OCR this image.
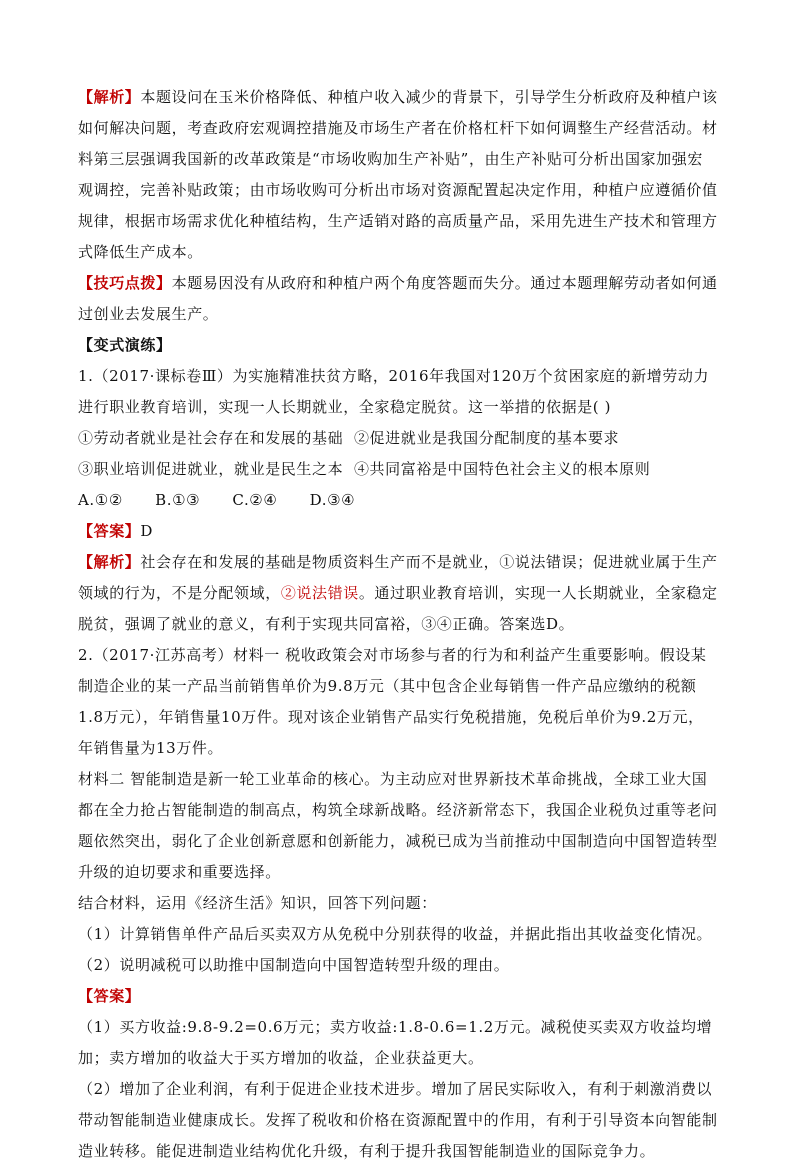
【解析】本题设问在玉米价格降低、种植户收入减少的背景下，引导学生分析政府及种植户该如何解决问题，考查政府宏观调控措施及市场生产者在价格杠杆下如何调整生产经营活动。材料第三层强调我国新的改革政策是“市场收购加生产补贴”，由生产补贴可分析出国家加强宏观调控，完善补贴政策；由市场收购可分析出市场对资源配置起决定作用，种植户应遵循价值规律，根据市场需求优化种植结构，生产适销对路的高质量产品，采用先进生产技术和管理方式降低生产成本。

【技巧点拨】本题易因没有从政府和种植户两个角度答题而失分。通过本题理解劳动者如何通过创业去发展生产。

【变式演练】

1.（2017·课标卷Ⅲ）为实施精准扶贫方略，2016年我国对120万个贫困家庭的新增劳动力进行职业教育培训，实现一人长期就业，全家稳定脱贫。这一举措的依据是( )

①劳动者就业是社会存在和发展的基础 ②促进就业是我国分配制度的基本要求

③职业培训促进就业，就业是民生之本 ④共同富裕是中国特色社会主义的根本原则

A.①②      B.①③      C.②④      D.③④

【答案】D

【解析】社会存在和发展的基础是物质资料生产而不是就业，①说法错误；促进就业属于生产领域的行为，不是分配领域，②说法错误。通过职业教育培训，实现一人长期就业，全家稳定脱贫，强调了就业的意义，有利于实现共同富裕，③④正确。答案选D。

2.（2017·江苏高考）材料一 税收政策会对市场参与者的行为和利益产生重要影响。假设某制造企业的某一产品当前销售单价为9.8万元（其中包含企业每销售一件产品应缴纳的税额1.8万元），年销售量10万件。现对该企业销售产品实行免税措施，免税后单价为9.2万元，年销售量为13万件。

材料二 智能制造是新一轮工业革命的核心。为主动应对世界新技术革命挑战，全球工业大国都在全力抢占智能制造的制高点，构筑全球新战略。经济新常态下，我国企业税负过重等老问题依然突出，弱化了企业创新意愿和创新能力，减税已成为当前推动中国制造向中国智造转型升级的迫切要求和重要选择。

结合材料，运用《经济生活》知识，回答下列问题：

（1）计算销售单件产品后买卖双方从免税中分别获得的收益，并据此指出其收益变化情况。

（2）说明减税可以助推中国制造向中国智造转型升级的理由。

【答案】

（1）买方收益:9.8-9.2=0.6万元；卖方收益:1.8-0.6=1.2万元。减税使买卖双方收益均增加；卖方增加的收益大于买方增加的收益，企业获益更大。

（2）增加了企业利润，有利于促进企业技术进步。增加了居民实际收入，有利于刺激消费以带动智能制造业健康成长。发挥了税收和价格在资源配置中的作用，有利于引导资本向智能制造业转移。能促进制造业结构优化升级，有利于提升我国智能制造业的国际竞争力。
